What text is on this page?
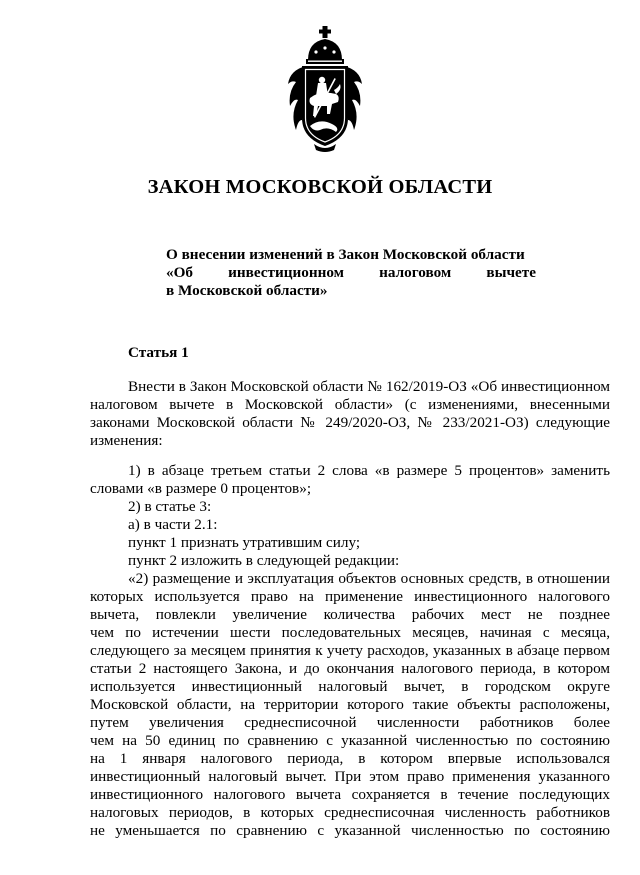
ЗАКОН МОСКОВСКОЙ ОБЛАСТИ
О внесении изменений в Закон Московской области
«Об инвестиционном налоговом вычете
в Московской области»
Статья 1
Внести в Закон Московской области № 162/2019-ОЗ «Об инвестиционном
налоговом вычете в Московской области» (с изменениями, внесенными
законами Московской области № 249/2020-ОЗ, № 233/2021-ОЗ) следующие
изменения:
1) в абзаце третьем статьи 2 слова «в размере 5 процентов» заменить
словами «в размере 0 процентов»;
2) в статье 3:
а) в части 2.1:
пункт 1 признать утратившим силу;
пункт 2 изложить в следующей редакции:
«2) размещение и эксплуатация объектов основных средств, в отношении
которых используется право на применение инвестиционного налогового
вычета, повлекли увеличение количества рабочих мест не позднее
чем по истечении шести последовательных месяцев, начиная с месяца,
следующего за месяцем принятия к учету расходов, указанных в абзаце первом
статьи 2 настоящего Закона, и до окончания налогового периода, в котором
используется инвестиционный налоговый вычет, в городском округе
Московской области, на территории которого такие объекты расположены,
путем увеличения среднесписочной численности работников более
чем на 50 единиц по сравнению с указанной численностью по состоянию
на 1 января налогового периода, в котором впервые использовался
инвестиционный налоговый вычет. При этом право применения указанного
инвестиционного налогового вычета сохраняется в течение последующих
налоговых периодов, в которых среднесписочная численность работников
не уменьшается по сравнению с указанной численностью по состоянию
